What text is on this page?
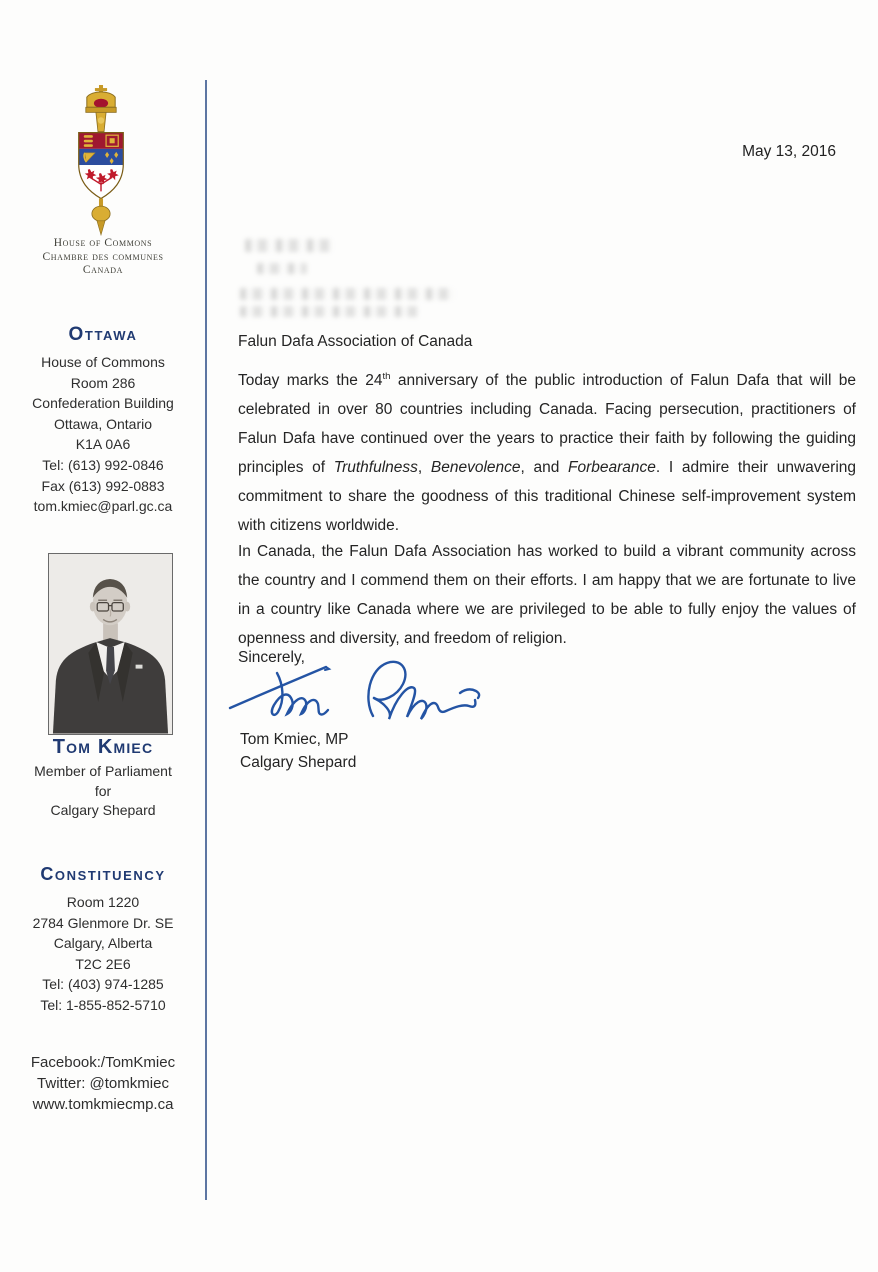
House of Commons
Chambre des communes
Canada
Ottawa
House of Commons
Room 286
Confederation Building
Ottawa, Ontario
K1A 0A6
Tel: (613) 992-0846
Fax (613) 992-0883
tom.kmiec@parl.gc.ca
Tom Kmiec
Member of Parliament
for
Calgary Shepard
Constituency
Room 1220
2784 Glenmore Dr. SE
Calgary, Alberta
T2C 2E6
Tel: (403) 974-1285
Tel: 1-855-852-5710
Facebook:/TomKmiec
Twitter: @tomkmiec
www.tomkmiecmp.ca
May 13, 2016
Falun Dafa Association of Canada
Today marks the 24th anniversary of the public introduction of Falun Dafa that will be celebrated in over 80 countries including Canada. Facing persecution, practitioners of Falun Dafa have continued over the years to practice their faith by following the guiding principles of Truthfulness, Benevolence, and Forbearance. I admire their unwavering commitment to share the goodness of this traditional Chinese self-improvement system with citizens worldwide.
In Canada, the Falun Dafa Association has worked to build a vibrant community across the country and I commend them on their efforts. I am happy that we are fortunate to live in a country like Canada where we are privileged to be able to fully enjoy the values of openness and diversity, and freedom of religion.
Sincerely,
Tom Kmiec, MP
Calgary Shepard
